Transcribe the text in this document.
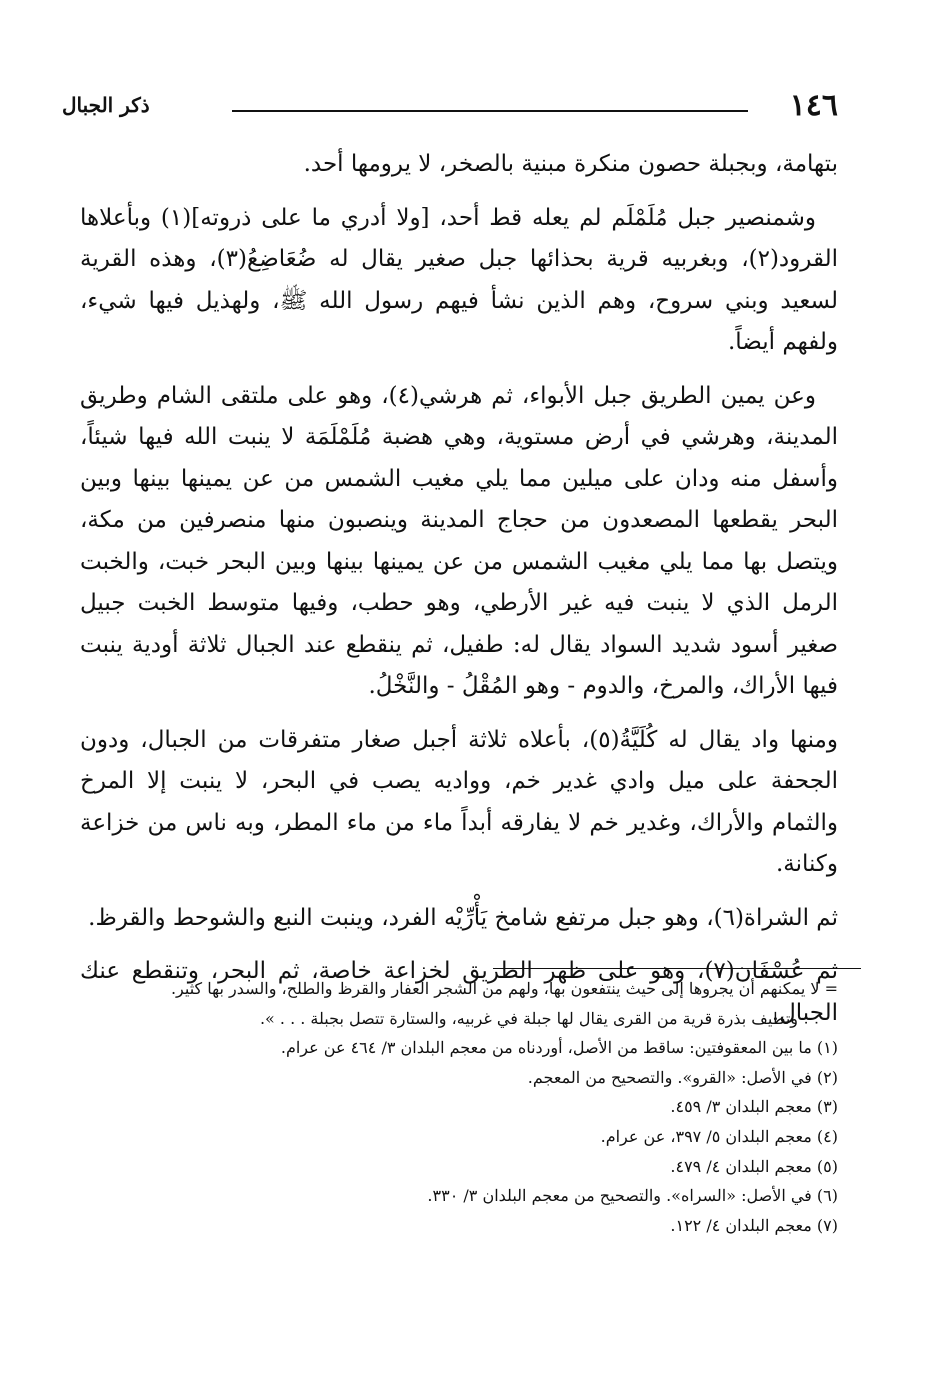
١٤٦
ذكر الجبال

بتهامة، وبجبلة حصون منكرة مبنية بالصخر، لا يرومها أحد.

وشمنصير جبل مُلَمْلَم لم يعله قط أحد، [ولا أدري ما على ذروته](١) وبأعلاها القرود(٢)، وبغربيه قرية بحذائها جبل صغير يقال له ضُعَاضِعُ(٣)، وهذه القرية لسعيد وبني سروح، وهم الذين نشأ فيهم رسول الله ﷺ، ولهذيل فيها شيء، ولفهم أيضاً.

وعن يمين الطريق جبل الأبواء، ثم هرشي(٤)، وهو على ملتقى الشام وطريق المدينة، وهرشي في أرض مستوية، وهي هضبة مُلَمْلَمَة لا ينبت الله فيها شيئاً، وأسفل منه ودان على ميلين مما يلي مغيب الشمس من عن يمينها بينها وبين البحر يقطعها المصعدون من حجاج المدينة وينصبون منها منصرفين من مكة، ويتصل بها مما يلي مغيب الشمس من عن يمينها بينها وبين البحر خبت، والخبت الرمل الذي لا ينبت فيه غير الأرطي، وهو حطب، وفيها متوسط الخبت جبيل صغير أسود شديد السواد يقال له: طفيل، ثم ينقطع عند الجبال ثلاثة أودية ينبت فيها الأراك، والمرخ، والدوم - وهو المُقْلُ - والنَّخْلُ.

ومنها واد يقال له كُلَيَّةُ(٥)، بأعلاه ثلاثة أجبل صغار متفرقات من الجبال، ودون الجحفة على ميل وادي غدير خم، وواديه يصب في البحر، لا ينبت إلا المرخ والثمام والأراك، وغدير خم لا يفارقه أبداً ماء من ماء المطر، وبه ناس من خزاعة وكنانة.

ثم الشراة(٦)، وهو جبل مرتفع شامخ يَأْرِّيْه الفرد، وينبت النبع والشوحط والقرظ.

ثم عُسْفَان(٧)، وهو على ظهر الطريق لخزاعة خاصة، ثم البحر، وتنقطع عنك الجبال.

= لا يمكنهم أن يجروها إلى حيث ينتفعون بها، ولهم من الشجر العفار والقرظ والطلح، والسدر بها كثير.

وتطيف بذرة قرية من القرى يقال لها جبلة في غربيه، والستارة تتصل بجبلة . . . ».

(١) ما بين المعقوفتين: ساقط من الأصل، أوردناه من معجم البلدان ٣/ ٤٦٤ عن عرام.

(٢) في الأصل: «القرو». والتصحيح من المعجم.

(٣) معجم البلدان ٣/ ٤٥٩.

(٤) معجم البلدان ٥/ ٣٩٧، عن عرام.

(٥) معجم البلدان ٤/ ٤٧٩.

(٦) في الأصل: «السراه». والتصحيح من معجم البلدان ٣/ ٣٣٠.

(٧) معجم البلدان ٤/ ١٢٢.
